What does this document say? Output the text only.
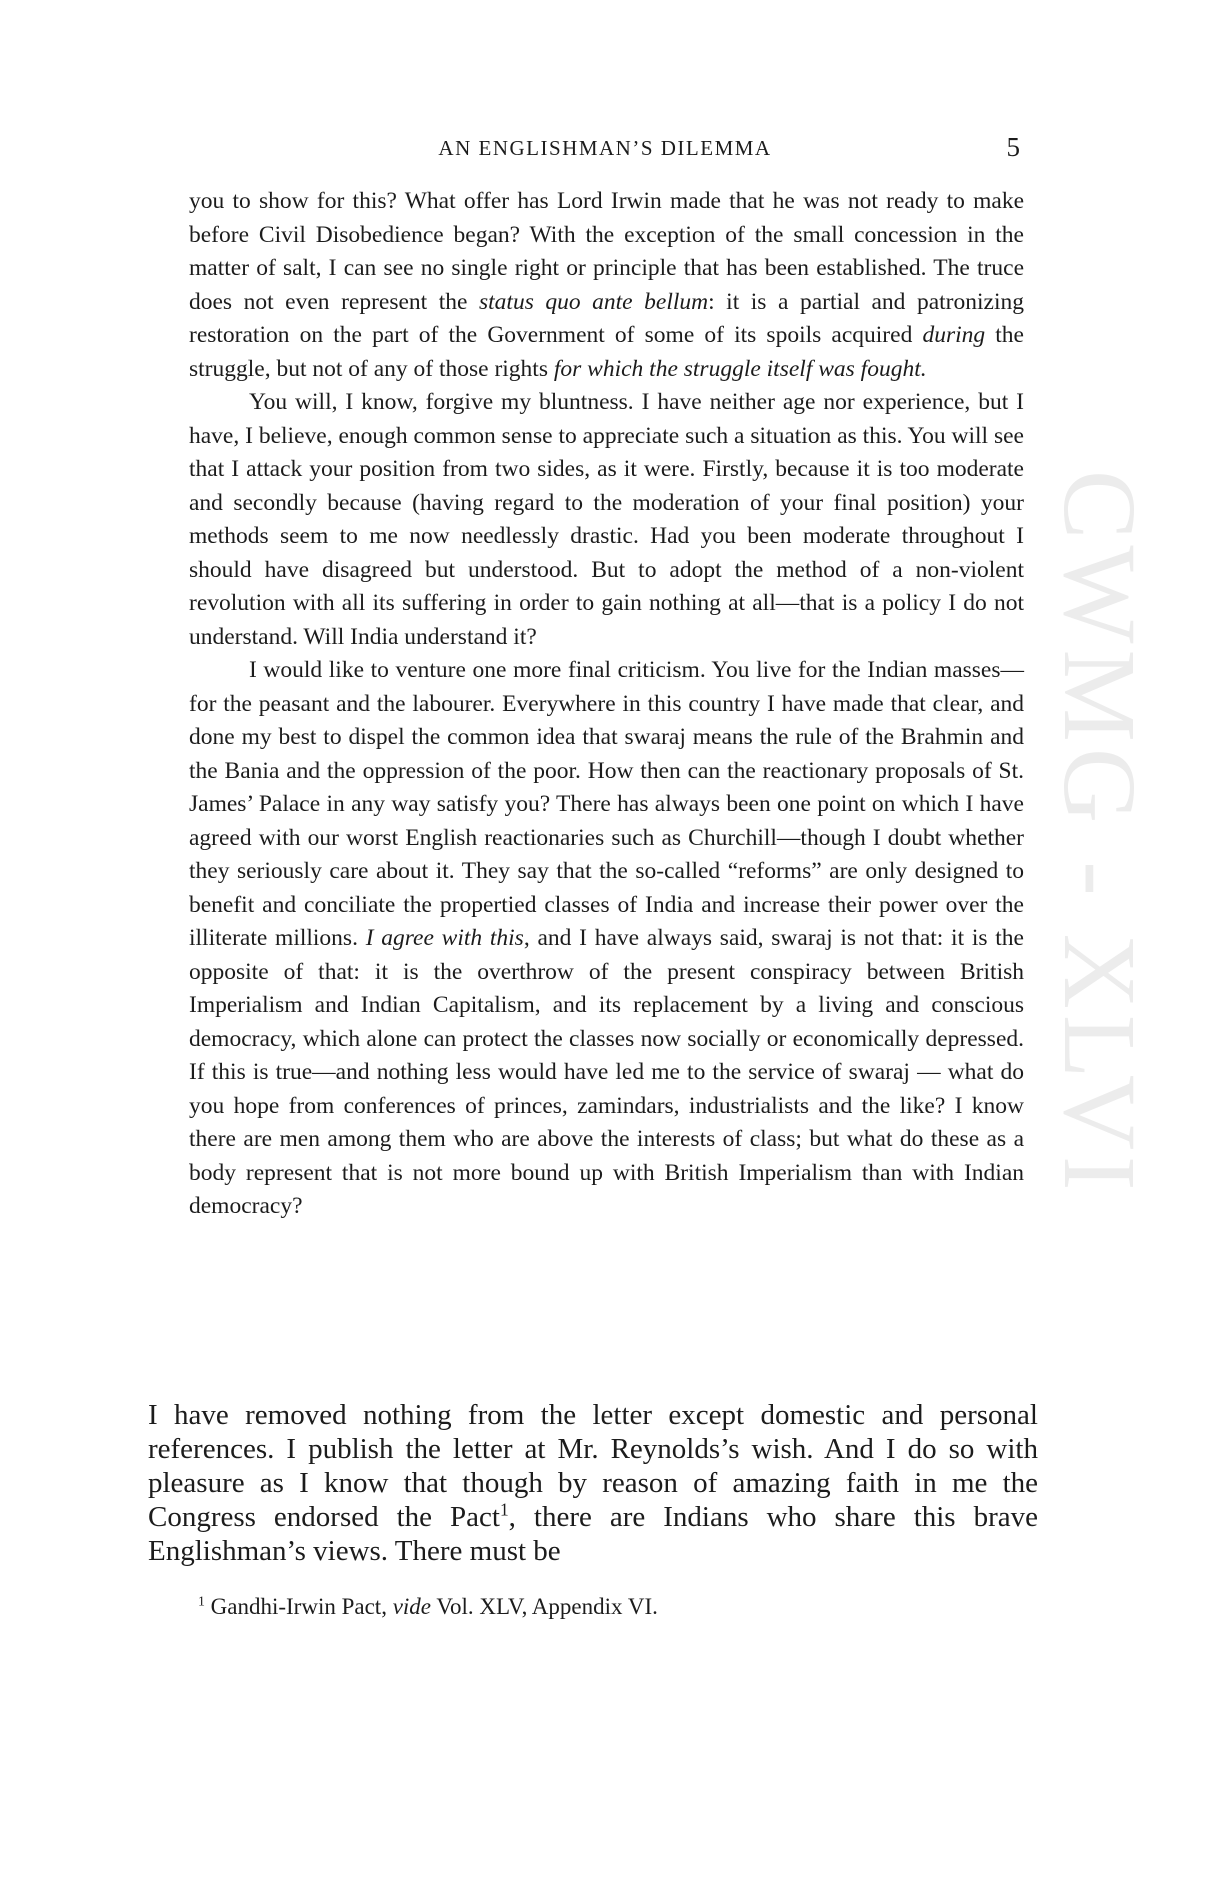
CWMG - XLVI
AN ENGLISHMAN’S DILEMMA	5

you to show for this? What offer has Lord Irwin made that he was not ready to make before Civil Disobedience began? With the exception of the small concession in the matter of salt, I can see no single right or principle that has been established. The truce does not even represent the status quo ante bellum: it is a partial and patronizing restoration on the part of the Government of some of its spoils acquired during the struggle, but not of any of those rights for which the struggle itself was fought.

You will, I know, forgive my bluntness. I have neither age nor experience, but I have, I believe, enough common sense to appreciate such a situation as this. You will see that I attack your position from two sides, as it were. Firstly, because it is too moderate and secondly because (having regard to the moderation of your final position) your methods seem to me now needlessly drastic. Had you been moderate throughout I should have disagreed but understood. But to adopt the method of a non-violent revolution with all its suffering in order to gain nothing at all—that is a policy I do not understand. Will India understand it?

I would like to venture one more final criticism. You live for the Indian masses—for the peasant and the labourer. Everywhere in this country I have made that clear, and done my best to dispel the common idea that swaraj means the rule of the Brahmin and the Bania and the oppression of the poor. How then can the reactionary proposals of St. James’ Palace in any way satisfy you? There has always been one point on which I have agreed with our worst English reactionaries such as Churchill—though I doubt whether they seriously care about it. They say that the so-called “reforms” are only designed to benefit and conciliate the propertied classes of India and increase their power over the illiterate millions. I agree with this, and I have always said, swaraj is not that: it is the opposite of that: it is the overthrow of the present conspiracy between British Imperialism and Indian Capitalism, and its replacement by a living and conscious democracy, which alone can protect the classes now socially or economically depressed. If this is true—and nothing less would have led me to the service of swaraj — what do you hope from conferences of princes, zamindars, industrialists and the like? I know there are men among them who are above the interests of class; but what do these as a body represent that is not more bound up with British Imperialism than with Indian democracy?

I have removed nothing from the letter except domestic and personal references. I publish the letter at Mr. Reynolds’s wish. And I do so with pleasure as I know that though by reason of amazing faith in me the Congress endorsed the Pact$^1$, there are Indians who share this brave Englishman’s views. There must be

$^1$ Gandhi-Irwin Pact, vide Vol. XLV, Appendix VI.
